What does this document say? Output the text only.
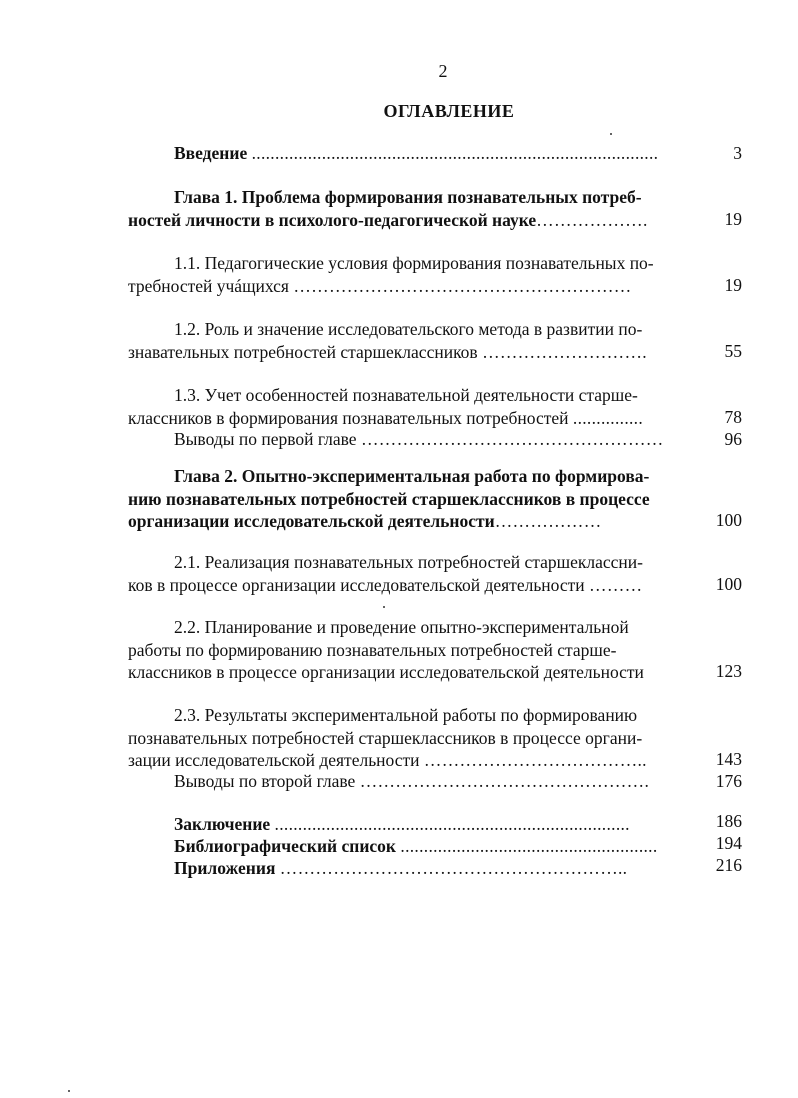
2
ОГЛАВЛЕНИЕ
Введение .......................................................................................	3
Глава 1. Проблема формирования познавательных потреб-
ностей личности в психолого-педагогической науке……………….	19
1.1. Педагогические условия формирования познавательных по-
требностей учáщихся …………………………………………………	19
1.2. Роль и значение исследовательского метода в развитии по-
знавательных потребностей старшеклассников ……………………….	55
1.3. Учет особенностей познавательной деятельности старше-
классников в формирования познавательных потребностей ...............	78
Выводы по первой главе ……………………………………………	96
Глава 2. Опытно-экспериментальная работа по формирова-
нию познавательных потребностей старшеклассников в процессе
организации исследовательской деятельности………………	100
2.1. Реализация познавательных потребностей старшеклассни-
ков в процессе организации исследовательской деятельности ………	100
2.2. Планирование и проведение опытно-экспериментальной
работы по формированию познавательных потребностей старше-
классников в процессе организации исследовательской деятельности	123
2.3. Результаты экспериментальной работы по формированию
познавательных потребностей старшеклассников в процессе органи-
зации исследовательской деятельности ………………………………..	143
Выводы по второй главе ………………………………………….	176
Заключение ............................................................................	186
Библиографический список .......................................................	194
Приложения …………………………………………………..	216
